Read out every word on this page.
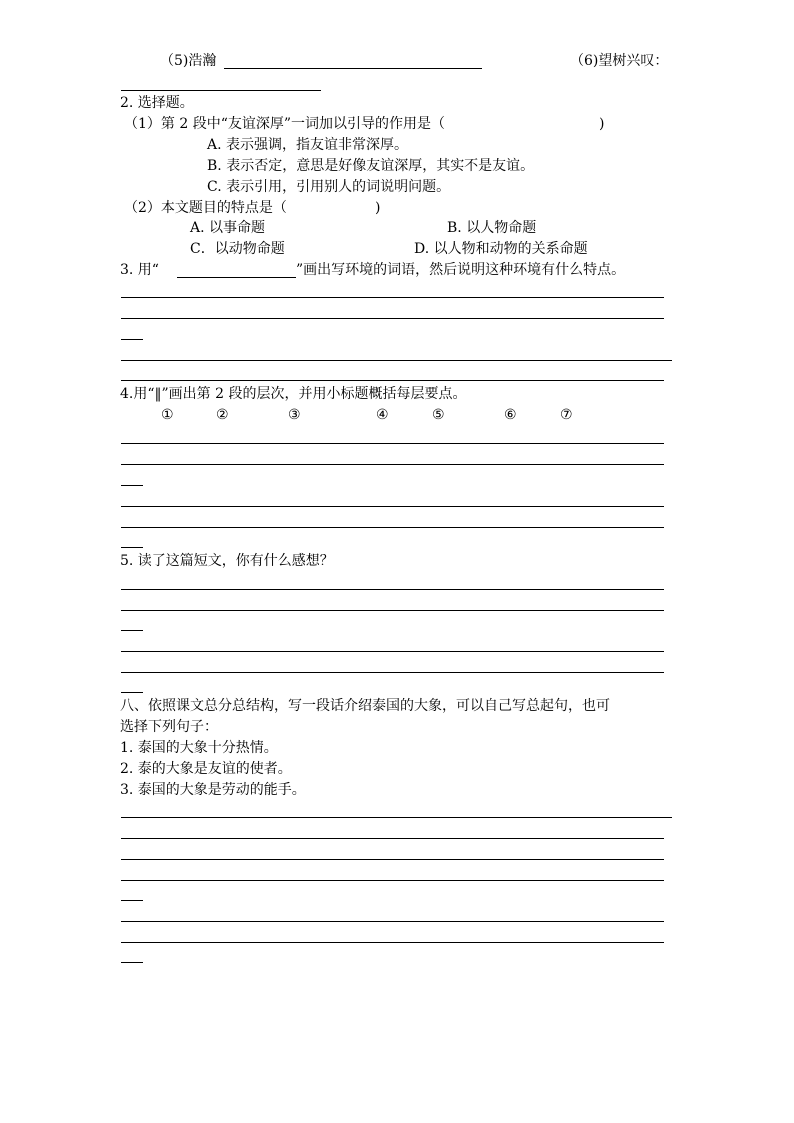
（5)浩瀚	（6)望树兴叹：
2. 选择题。
（1）第 2 段中“友谊深厚”一词加以引导的作用是（	)
A. 表示强调，指友谊非常深厚。
B. 表示否定，意思是好像友谊深厚，其实不是友谊。
C. 表示引用，引用别人的词说明问题。
（2）本文题目的特点是（	)
A. 以事命题	B. 以人物命题
C．以动物命题	D. 以人物和动物的关系命题
3. 用“	”画出写环境的词语，然后说明这种环境有什么特点。
4.用“‖”画出第 2 段的层次，并用小标题概括每层要点。
①	②	③	④	⑤	⑥	⑦
5. 读了这篇短文，你有什么感想？
八、依照课文总分总结构，写一段话介绍泰国的大象，可以自己写总起句，也可
选择下列句子：
1. 泰国的大象十分热情。
2. 泰的大象是友谊的使者。
3. 泰国的大象是劳动的能手。
